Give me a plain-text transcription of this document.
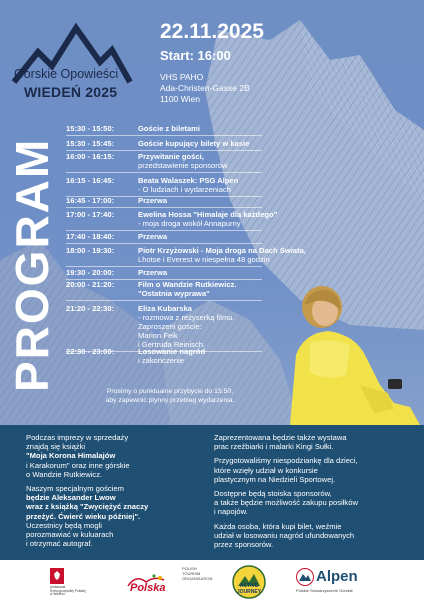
Górskie Opowieści
WIEDEŃ 2025
22.11.2025
Start: 16:00
VHS PAHO
Ada-Christen-Gasse 2B
1100 Wien
PROGRAM
15:30 - 15:50:	Goście z biletami
15:30 - 15:45:	Goście kupujący bilety w kasie
16:00 - 16:15:	Przywitanie gości,
przedstawienie sponsorów
16:15 - 16:45:	Beata Walaszek: PSG Alpen
- O ludziach i wydarzeniach
16:45 - 17:00:	Przerwa
17:00 - 17:40:	Ewelina Hossa "Himalaje dla każdego"
- moja droga wokół Annapurny
17:40 - 18:40:	Przerwa
18:00 - 19:30:	Piotr Krzyżowski - Moja droga na Dach Świata,
Lhotse i Everest w niespełna 48 godzin
19:30 - 20:00:	Przerwa
20:00 - 21:20:	Film o Wandzie Rutkiewicz.
"Ostatnia wyprawa"
21:20 - 22:30:	Eliza Kubarska
- rozmowa z reżyserką filmu.
Zaproszeni goście:
Marion Feik
i Gertruda Reinisch.
22:30 - 23:00:	Losowanie nagród
i zakończenie
Prosimy o punktualne przybycie do 15:50,
aby zapewnić płynny przebieg wydarzenia.

Podczas imprezy w sprzedaży
znajdą się książki
"Moja Korona Himalajów
i Karakorum" oraz inne górskie
o Wandzie Rutkiewicz.

Naszym specjalnym gościem
będzie Aleksander Lwow
wraz z książką "Zwyciężyć znaczy
przeżyć. Ćwierć wieku później".
Uczestnicy będą mogli
porozmawiać w kuluarach
i otrzymać autograf.

Zaprezentowana będzie także wystawa
prac rzeźbiarki i malarki Kingi Sułki.

Przygotowaliśmy niespodziankę dla dzieci,
które wzięły udział w konkursie
plastycznym na Niedzieli Sportowej.

Dostępne będą stoiska sponsorów,
a także będzie możliwość zakupu posiłków
i napojów.

Każda osoba, która kupi bilet, weźmie
udział w losowaniu nagród ufundowanych
przez sponsorów.

Ambasada
Rzeczypospolitej Polskiej
w Wiedniu
Polska
POLISH
TOURISM
ORGANISATION
ACTIVE
JOURNEY
Alpen
Polskie Stowarzyszenie Górskie
